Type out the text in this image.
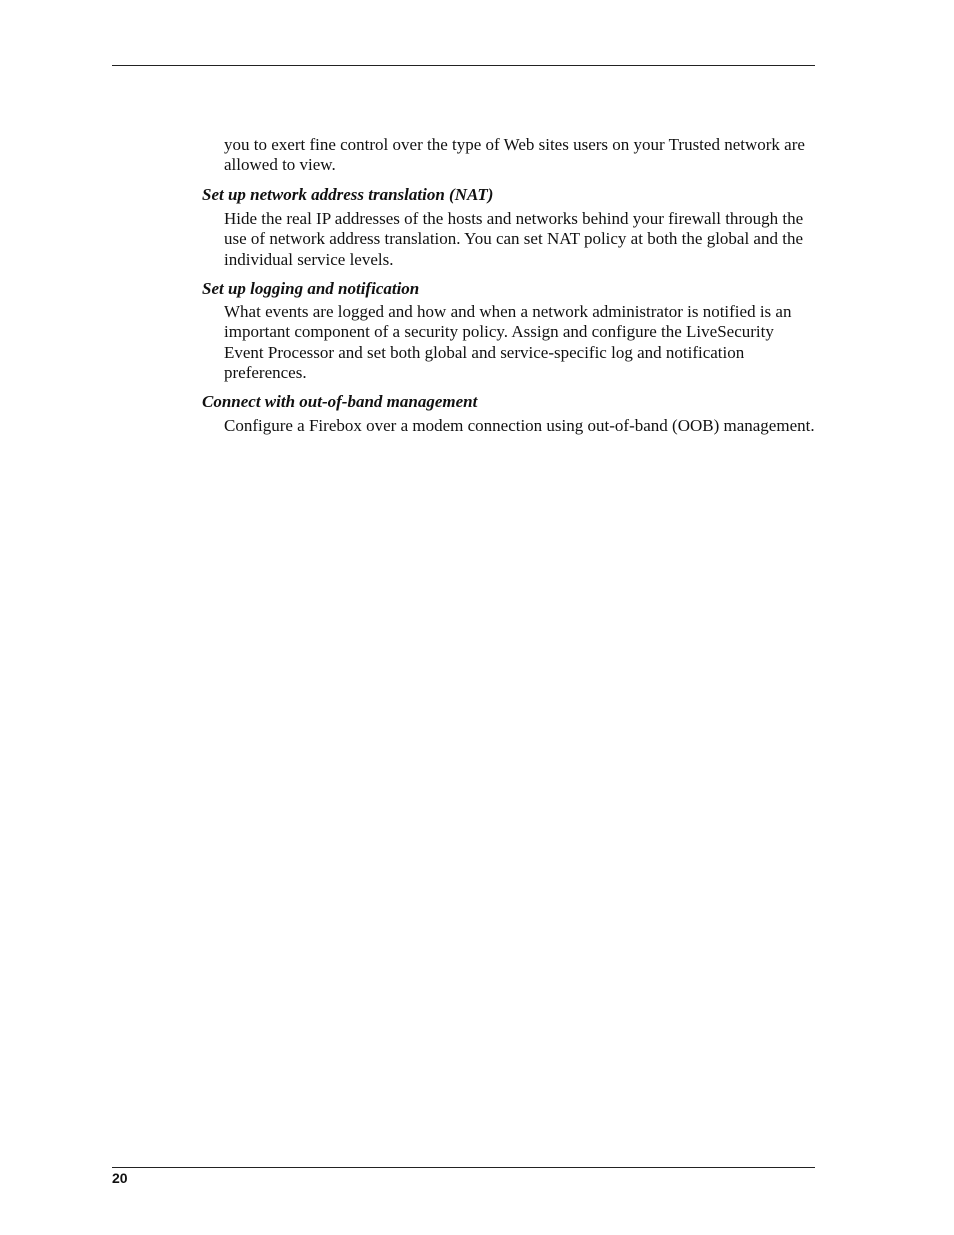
you to exert fine control over the type of Web sites users on your Trusted network are allowed to view.

Set up network address translation (NAT)

Hide the real IP addresses of the hosts and networks behind your firewall through the use of network address translation. You can set NAT policy at both the global and the individual service levels.

Set up logging and notification

What events are logged and how and when a network administrator is notified is an important component of a security policy. Assign and configure the LiveSecurity Event Processor and set both global and service-specific log and notification preferences.

Connect with out-of-band management

Configure a Firebox over a modem connection using out-of-band (OOB) management.

20
